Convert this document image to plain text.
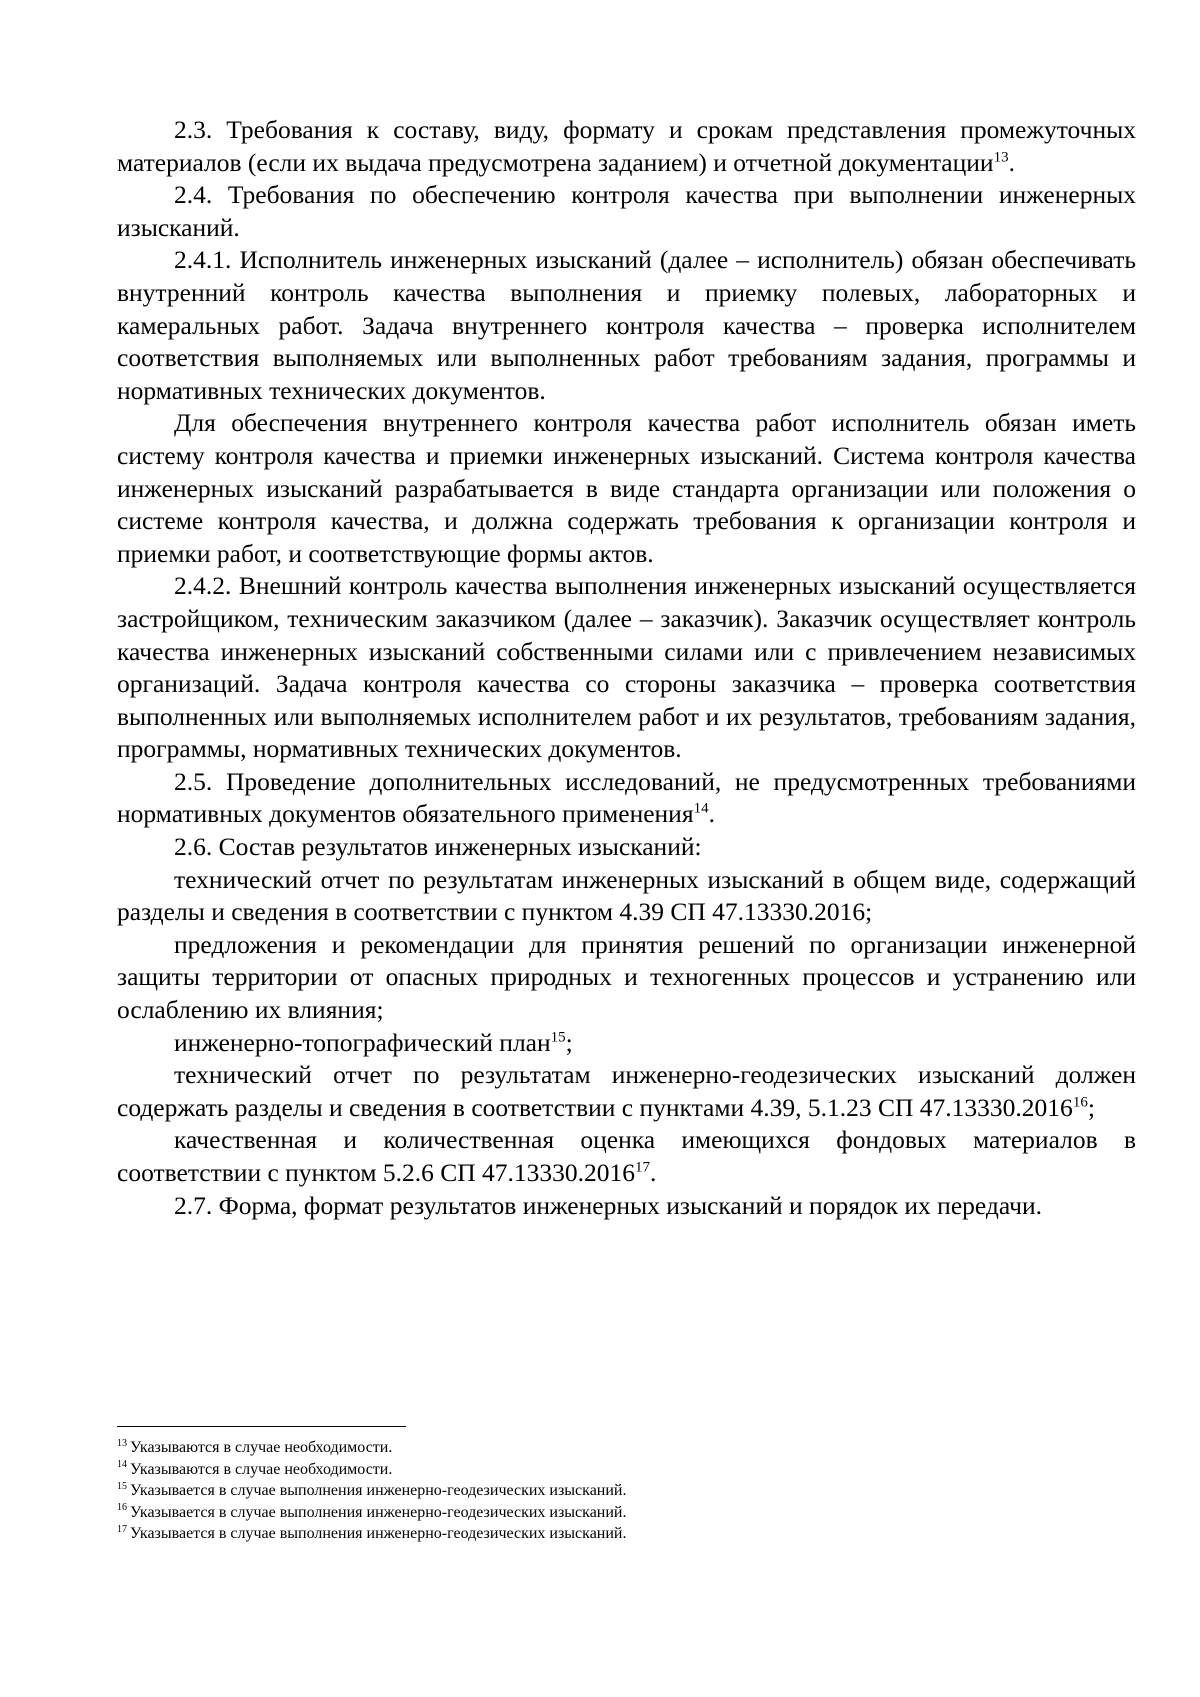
2.3. Требования к составу, виду, формату и срокам представления промежуточных материалов (если их выдача предусмотрена заданием) и отчетной документации$^{13}$.

2.4. Требования по обеспечению контроля качества при выполнении инженерных изысканий.

2.4.1. Исполнитель инженерных изысканий (далее – исполнитель) обязан обеспечивать внутренний контроль качества выполнения и приемку полевых, лабораторных и камеральных работ. Задача внутреннего контроля качества – проверка исполнителем соответствия выполняемых или выполненных работ требованиям задания, программы и нормативных технических документов.

Для обеспечения внутреннего контроля качества работ исполнитель обязан иметь систему контроля качества и приемки инженерных изысканий. Система контроля качества инженерных изысканий разрабатывается в виде стандарта организации или положения о системе контроля качества, и должна содержать требования к организации контроля и приемки работ, и соответствующие формы актов.

2.4.2. Внешний контроль качества выполнения инженерных изысканий осуществляется застройщиком, техническим заказчиком (далее – заказчик). Заказчик осуществляет контроль качества инженерных изысканий собственными силами или с привлечением независимых организаций. Задача контроля качества со стороны заказчика – проверка соответствия выполненных или выполняемых исполнителем работ и их результатов, требованиям задания, программы, нормативных технических документов.

2.5. Проведение дополнительных исследований, не предусмотренных требованиями нормативных документов обязательного применения$^{14}$.

2.6. Состав результатов инженерных изысканий:

технический отчет по результатам инженерных изысканий в общем виде, содержащий разделы и сведения в соответствии с пунктом 4.39 СП 47.13330.2016;

предложения и рекомендации для принятия решений по организации инженерной защиты территории от опасных природных и техногенных процессов и устранению или ослаблению их влияния;

инженерно-топографический план$^{15}$;

технический отчет по результатам инженерно-геодезических изысканий должен содержать разделы и сведения в соответствии с пунктами 4.39, 5.1.23 СП 47.13330.2016$^{16}$;

качественная и количественная оценка имеющихся фондовых материалов в соответствии с пунктом 5.2.6 СП 47.13330.2016$^{17}$.

2.7. Форма, формат результатов инженерных изысканий и порядок их передачи.

$^{13}$ Указываются в случае необходимости.

$^{14}$ Указываются в случае необходимости.

$^{15}$ Указывается в случае выполнения инженерно-геодезических изысканий.

$^{16}$ Указывается в случае выполнения инженерно-геодезических изысканий.

$^{17}$ Указывается в случае выполнения инженерно-геодезических изысканий.
